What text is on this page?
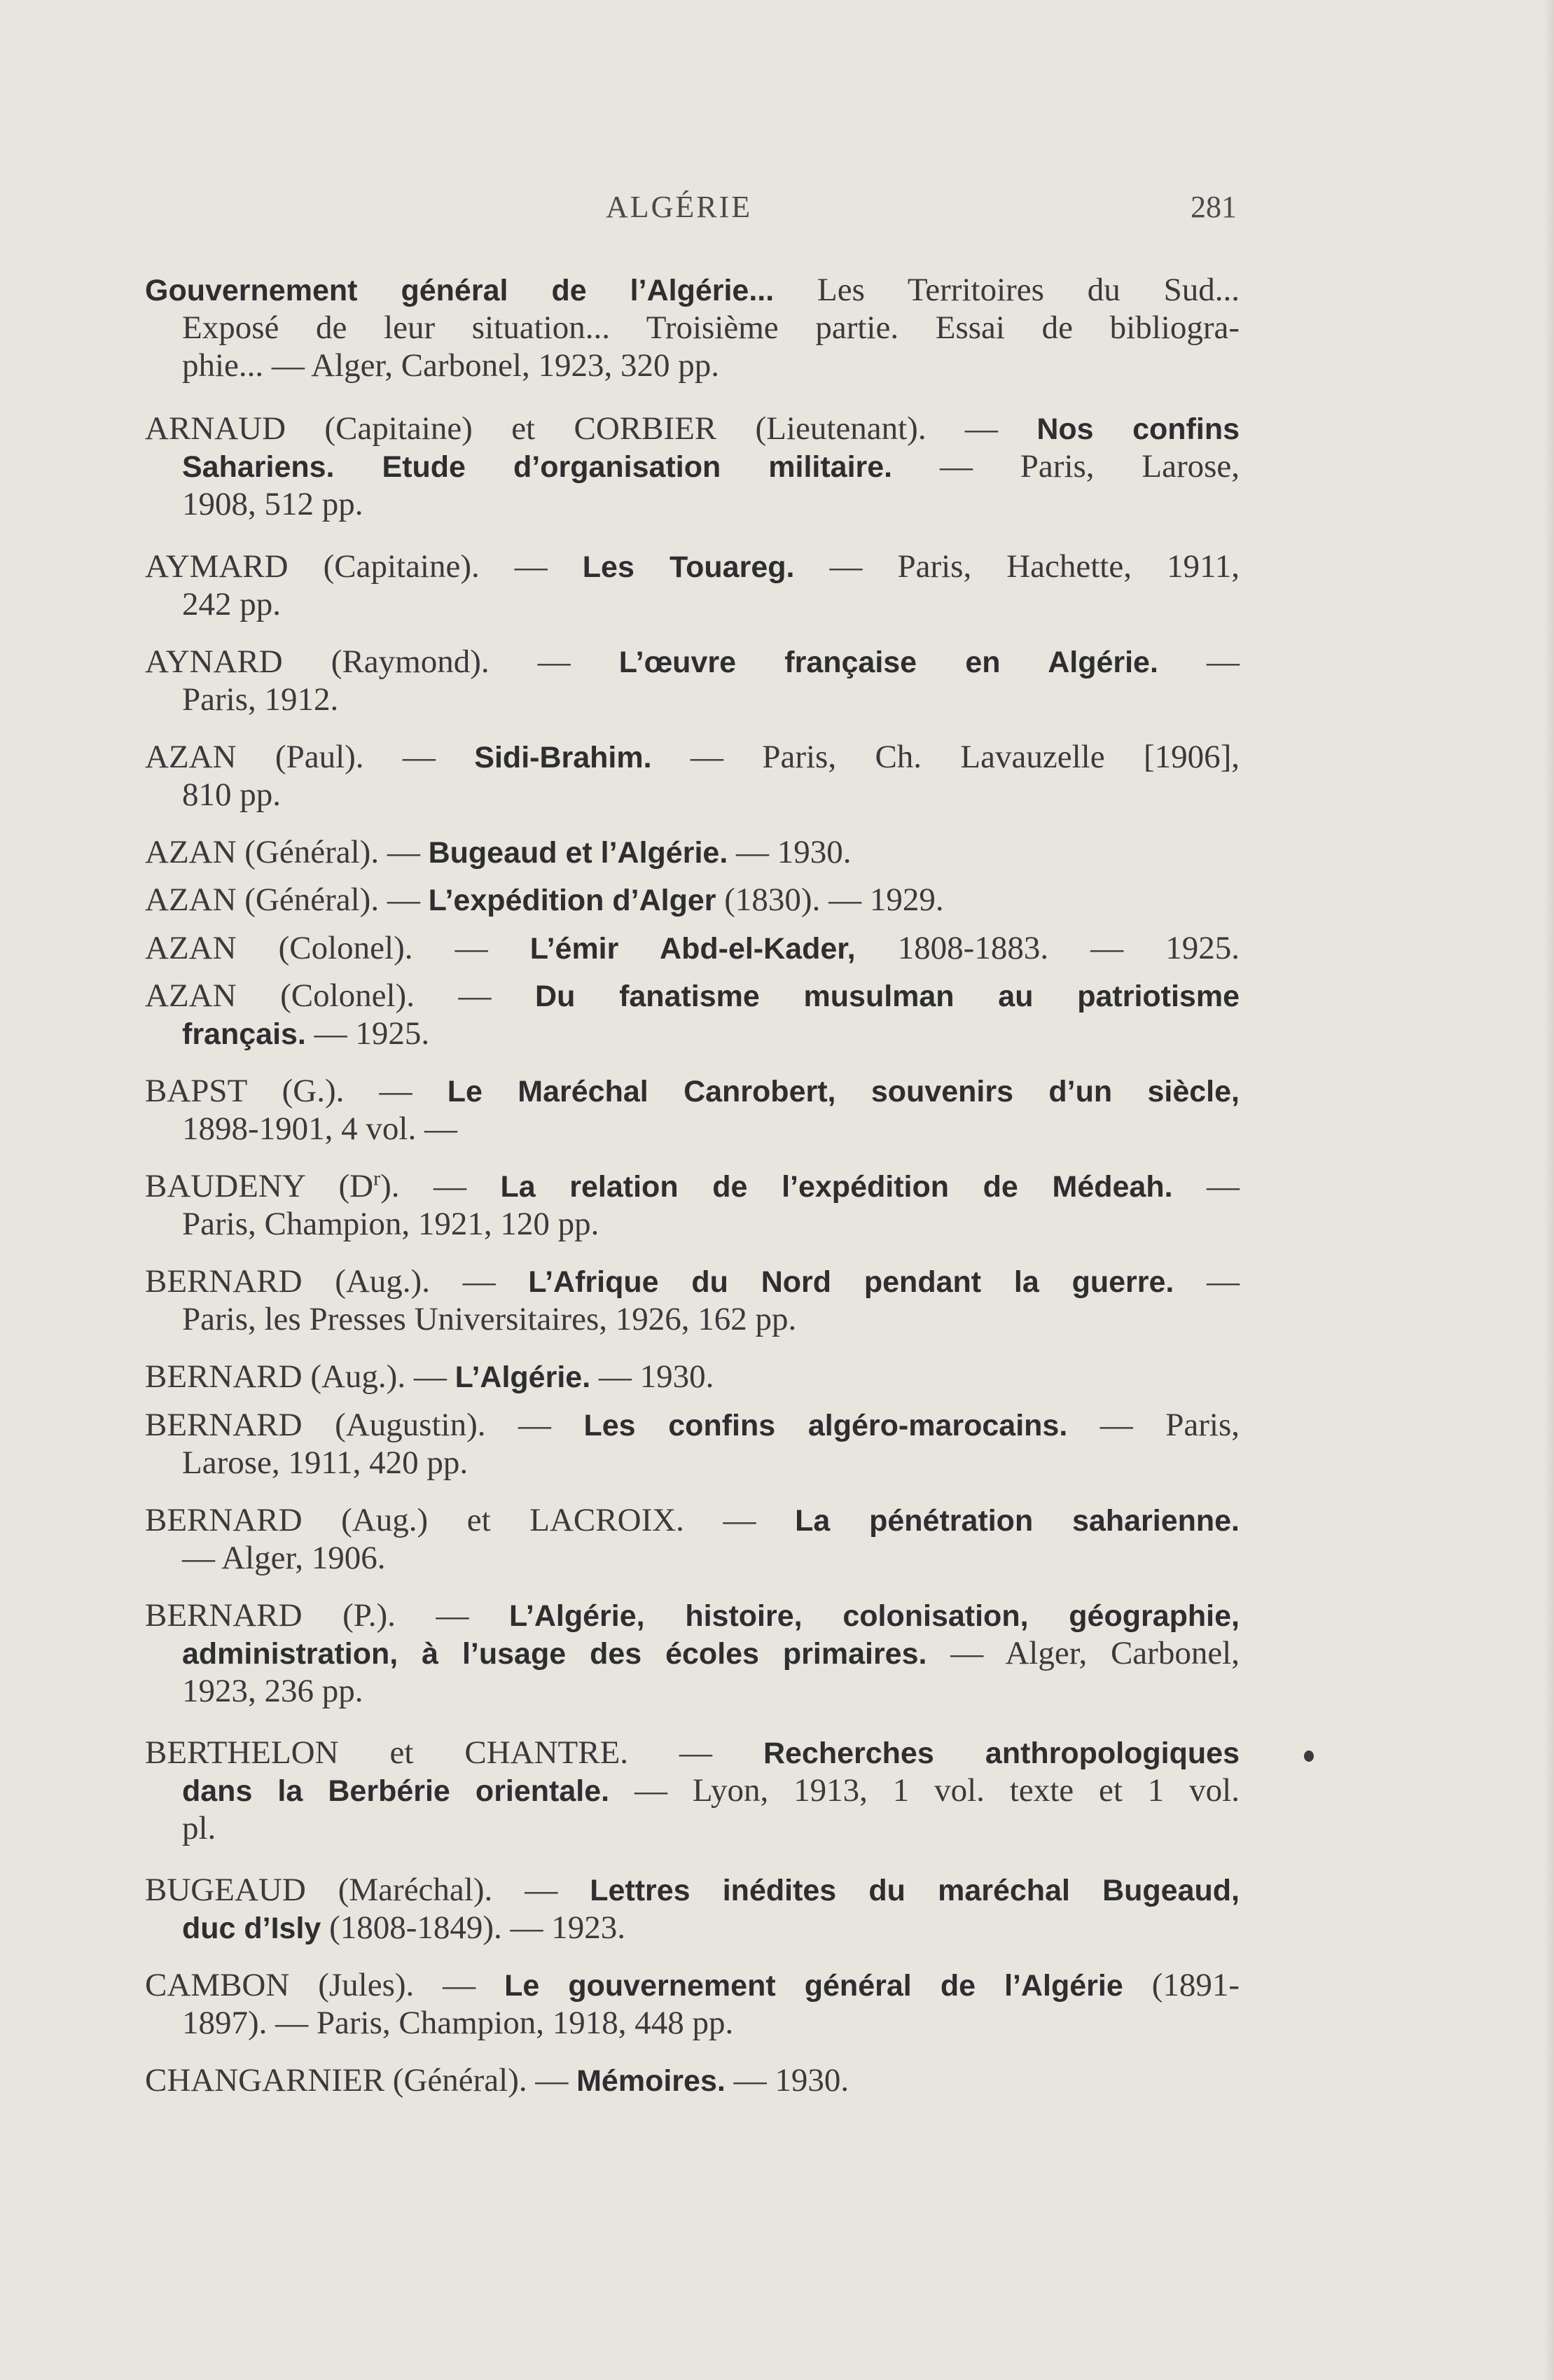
ALGÉRIE	281
Gouvernement général de l’Algérie... Les Territoires du Sud...
Exposé de leur situation... Troisième partie. Essai de bibliogra-
phie... — Alger, Carbonel, 1923, 320 pp.
ARNAUD (Capitaine) et CORBIER (Lieutenant). — Nos confins
Sahariens. Etude d’organisation militaire. — Paris, Larose,
1908, 512 pp.
AYMARD (Capitaine). — Les Touareg. — Paris, Hachette, 1911,
242 pp.
AYNARD (Raymond). — L’œuvre française en Algérie. —
Paris, 1912.
AZAN (Paul). — Sidi-Brahim. — Paris, Ch. Lavauzelle [1906],
810 pp.
AZAN (Général). — Bugeaud et l’Algérie. — 1930.
AZAN (Général). — L’expédition d’Alger (1830). — 1929.
AZAN (Colonel). — L’émir Abd-el-Kader, 1808-1883. — 1925.
AZAN (Colonel). — Du fanatisme musulman au patriotisme
français. — 1925.
BAPST (G.). — Le Maréchal Canrobert, souvenirs d’un siècle,
1898-1901, 4 vol. —
BAUDENY $(D^r)$. — La relation de l’expédition de Médeah. —
Paris, Champion, 1921, 120 pp.
BERNARD (Aug.). — L’Afrique du Nord pendant la guerre. —
Paris, les Presses Universitaires, 1926, 162 pp.
BERNARD (Aug.). — L’Algérie. — 1930.
BERNARD (Augustin). — Les confins algéro-marocains. — Paris,
Larose, 1911, 420 pp.
BERNARD (Aug.) et LACROIX. — La pénétration saharienne.
— Alger, 1906.
BERNARD (P.). — L’Algérie, histoire, colonisation, géographie,
administration, à l’usage des écoles primaires. — Alger, Carbonel,
1923, 236 pp.
BERTHELON et CHANTRE. — Recherches anthropologiques
dans la Berbérie orientale. — Lyon, 1913, 1 vol. texte et 1 vol.
pl.
BUGEAUD (Maréchal). — Lettres inédites du maréchal Bugeaud,
duc d’Isly (1808-1849). — 1923.
CAMBON (Jules). — Le gouvernement général de l’Algérie (1891-
1897). — Paris, Champion, 1918, 448 pp.
CHANGARNIER (Général). — Mémoires. — 1930.
